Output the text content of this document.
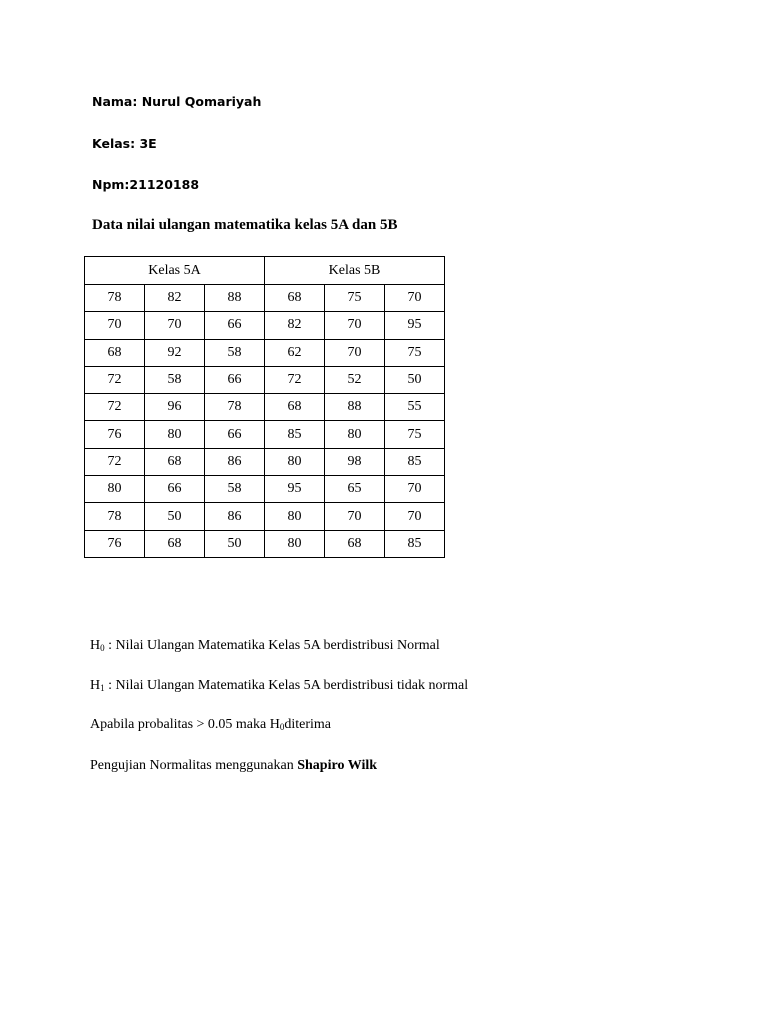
Nama: Nurul Qomariyah
Kelas: 3E
Npm:21120188
Data nilai ulangan matematika kelas 5A dan 5B
Kelas 5A			Kelas 5B		
78	82	88	68	75	70
70	70	66	82	70	95
68	92	58	62	70	75
72	58	66	72	52	50
72	96	78	68	88	55
76	80	66	85	80	75
72	68	86	80	98	85
80	66	58	95	65	70
78	50	86	80	70	70
76	68	50	80	68	85
$H_0$ : Nilai Ulangan Matematika Kelas 5A berdistribusi Normal
$H_1$ : Nilai Ulangan Matematika Kelas 5A berdistribusi tidak normal
Apabila probalitas > 0.05 maka $H_0diterima$
Pengujian Normalitas menggunakan Shapiro Wilk
